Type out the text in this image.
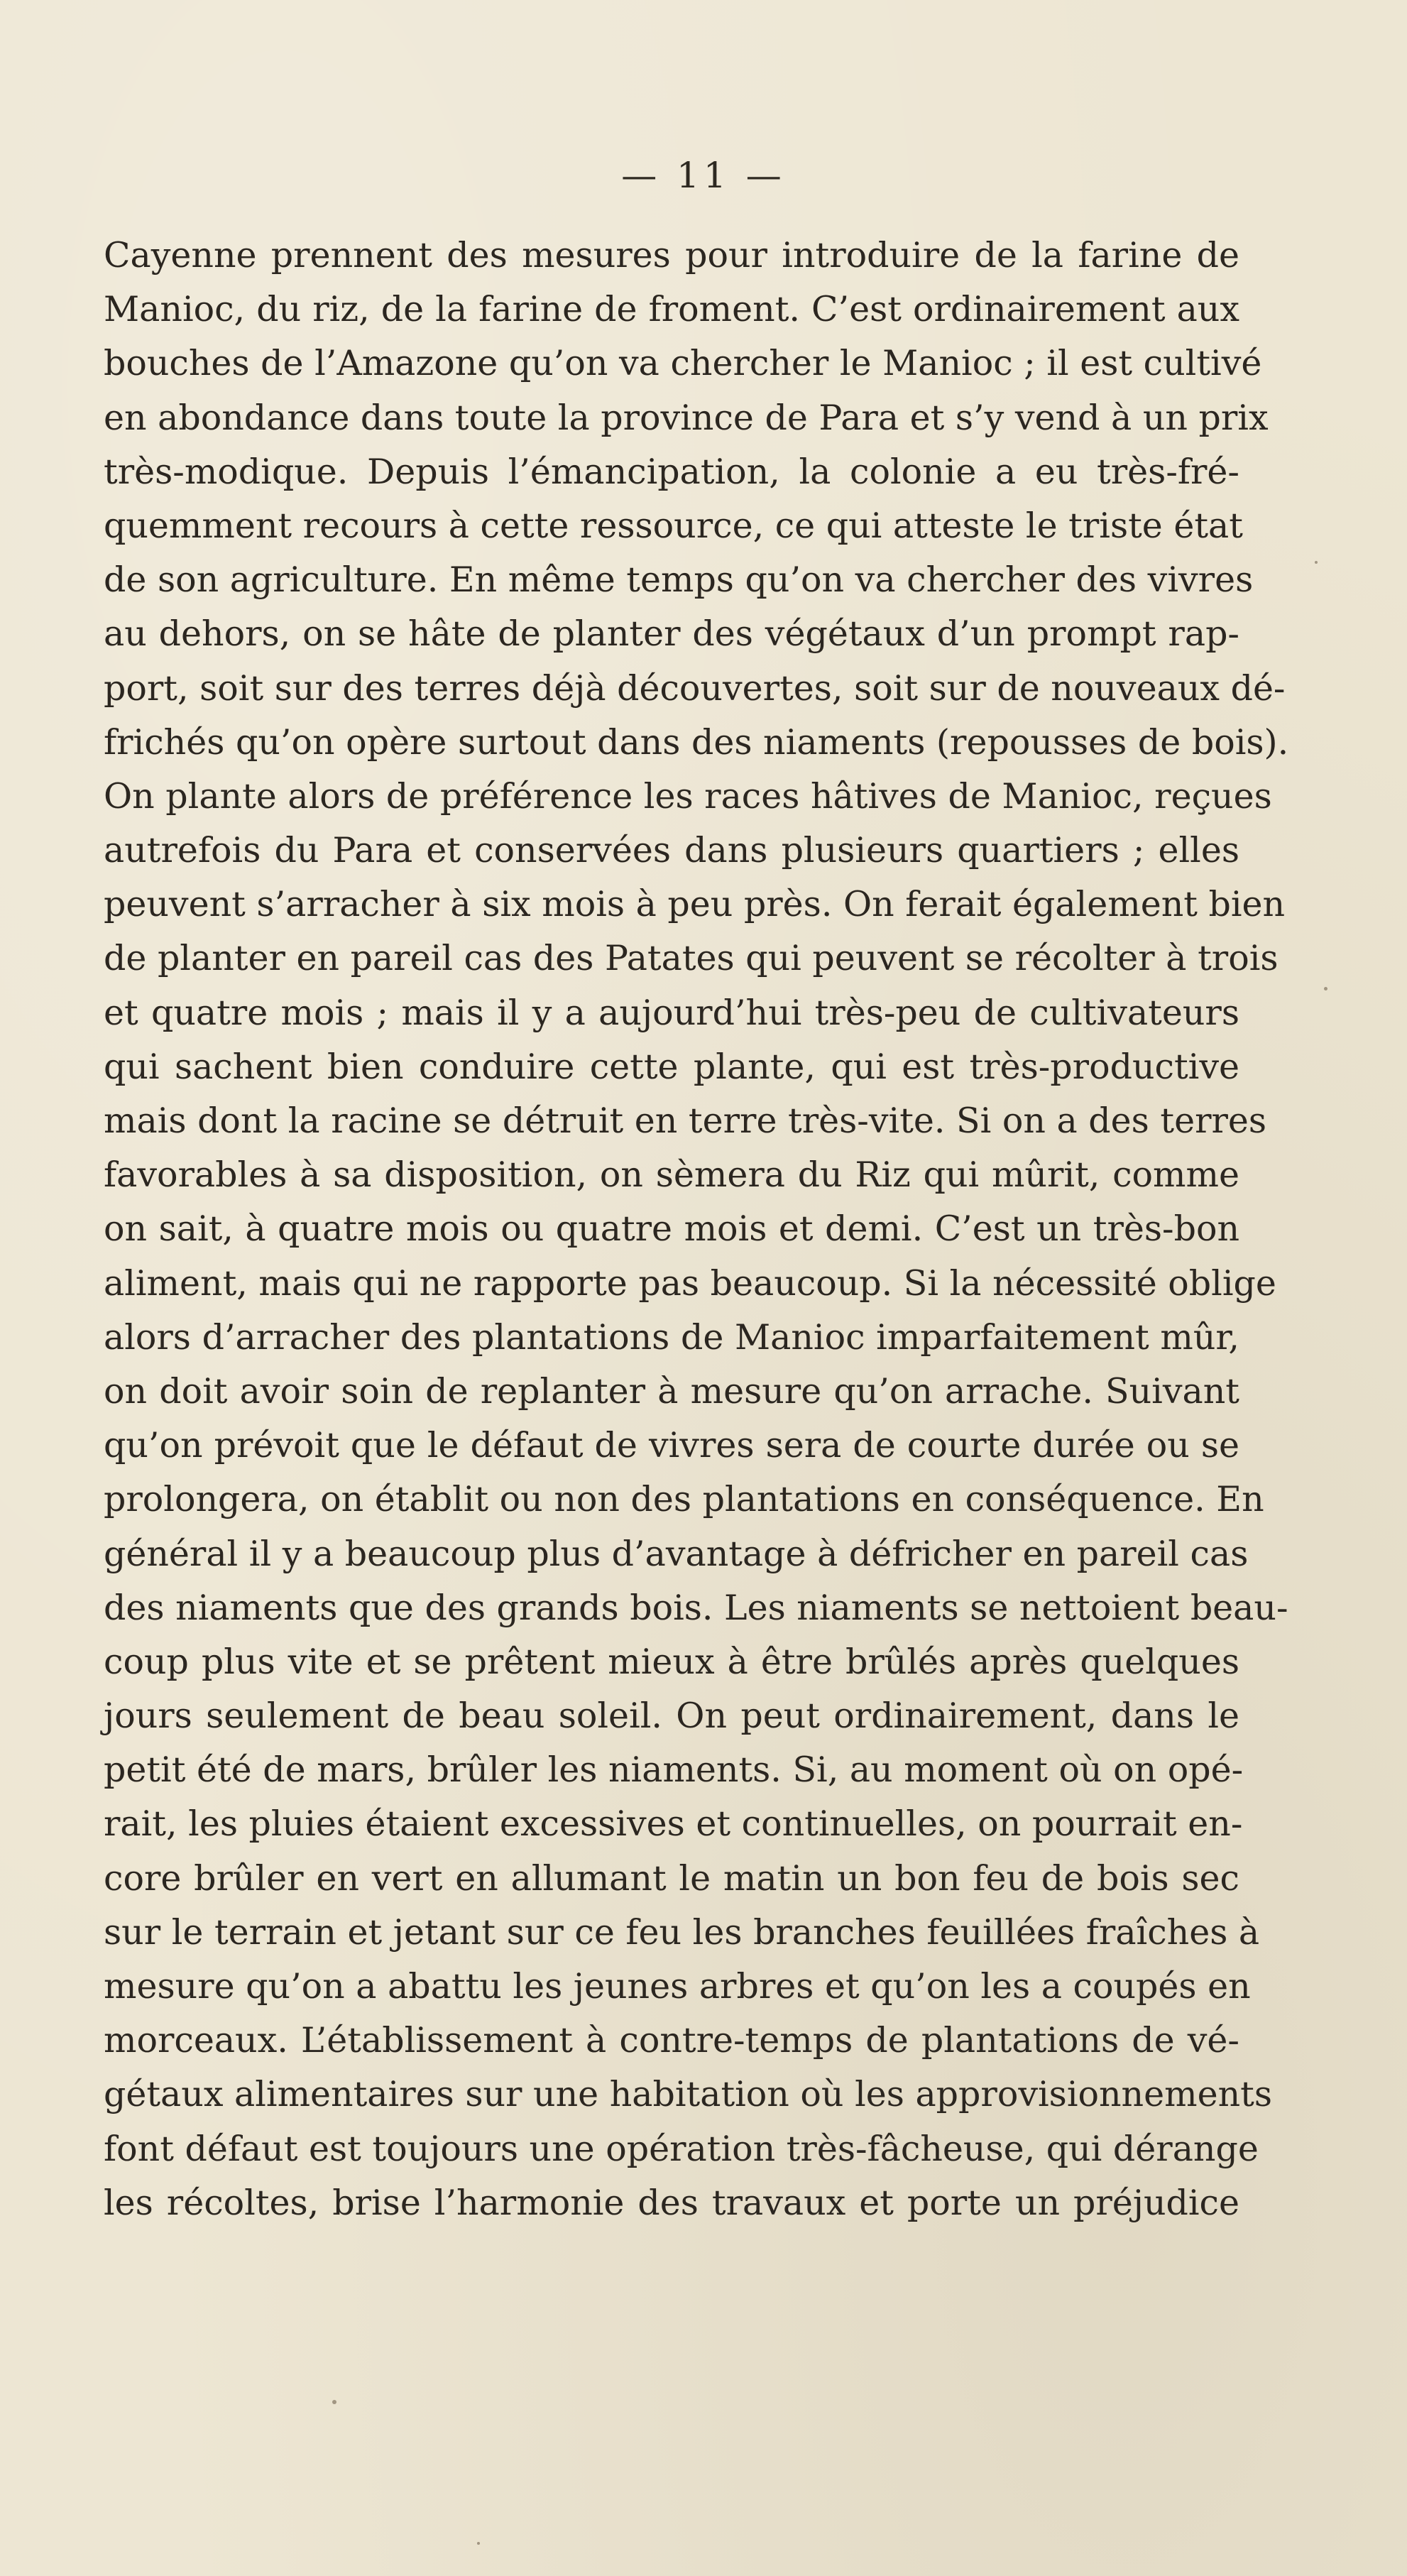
— 11 —
Cayenne prennent des mesures pour introduire de la farine de
Manioc, du riz, de la farine de froment. C’est ordinairement aux
bouches de l’Amazone qu’on va chercher le Manioc ; il est cultivé
en abondance dans toute la province de Para et s’y vend à un prix
très-modique. Depuis l’émancipation, la colonie a eu très-fré-
quemment recours à cette ressource, ce qui atteste le triste état
de son agriculture. En même temps qu’on va chercher des vivres
au dehors, on se hâte de planter des végétaux d’un prompt rap-
port, soit sur des terres déjà découvertes, soit sur de nouveaux dé-
frichés qu’on opère surtout dans des niaments (repousses de bois).
On plante alors de préférence les races hâtives de Manioc, reçues
autrefois du Para et conservées dans plusieurs quartiers ; elles
peuvent s’arracher à six mois à peu près. On ferait également bien
de planter en pareil cas des Patates qui peuvent se récolter à trois
et quatre mois ; mais il y a aujourd’hui très-peu de cultivateurs
qui sachent bien conduire cette plante, qui est très-productive
mais dont la racine se détruit en terre très-vite. Si on a des terres
favorables à sa disposition, on sèmera du Riz qui mûrit, comme
on sait, à quatre mois ou quatre mois et demi. C’est un très-bon
aliment, mais qui ne rapporte pas beaucoup. Si la nécessité oblige
alors d’arracher des plantations de Manioc imparfaitement mûr,
on doit avoir soin de replanter à mesure qu’on arrache. Suivant
qu’on prévoit que le défaut de vivres sera de courte durée ou se
prolongera, on établit ou non des plantations en conséquence. En
général il y a beaucoup plus d’avantage à défricher en pareil cas
des niaments que des grands bois. Les niaments se nettoient beau-
coup plus vite et se prêtent mieux à être brûlés après quelques
jours seulement de beau soleil. On peut ordinairement, dans le
petit été de mars, brûler les niaments. Si, au moment où on opé-
rait, les pluies étaient excessives et continuelles, on pourrait en-
core brûler en vert en allumant le matin un bon feu de bois sec
sur le terrain et jetant sur ce feu les branches feuillées fraîches à
mesure qu’on a abattu les jeunes arbres et qu’on les a coupés en
morceaux. L’établissement à contre-temps de plantations de vé-
gétaux alimentaires sur une habitation où les approvisionnements
font défaut est toujours une opération très-fâcheuse, qui dérange
les récoltes, brise l’harmonie des travaux et porte un préjudice
